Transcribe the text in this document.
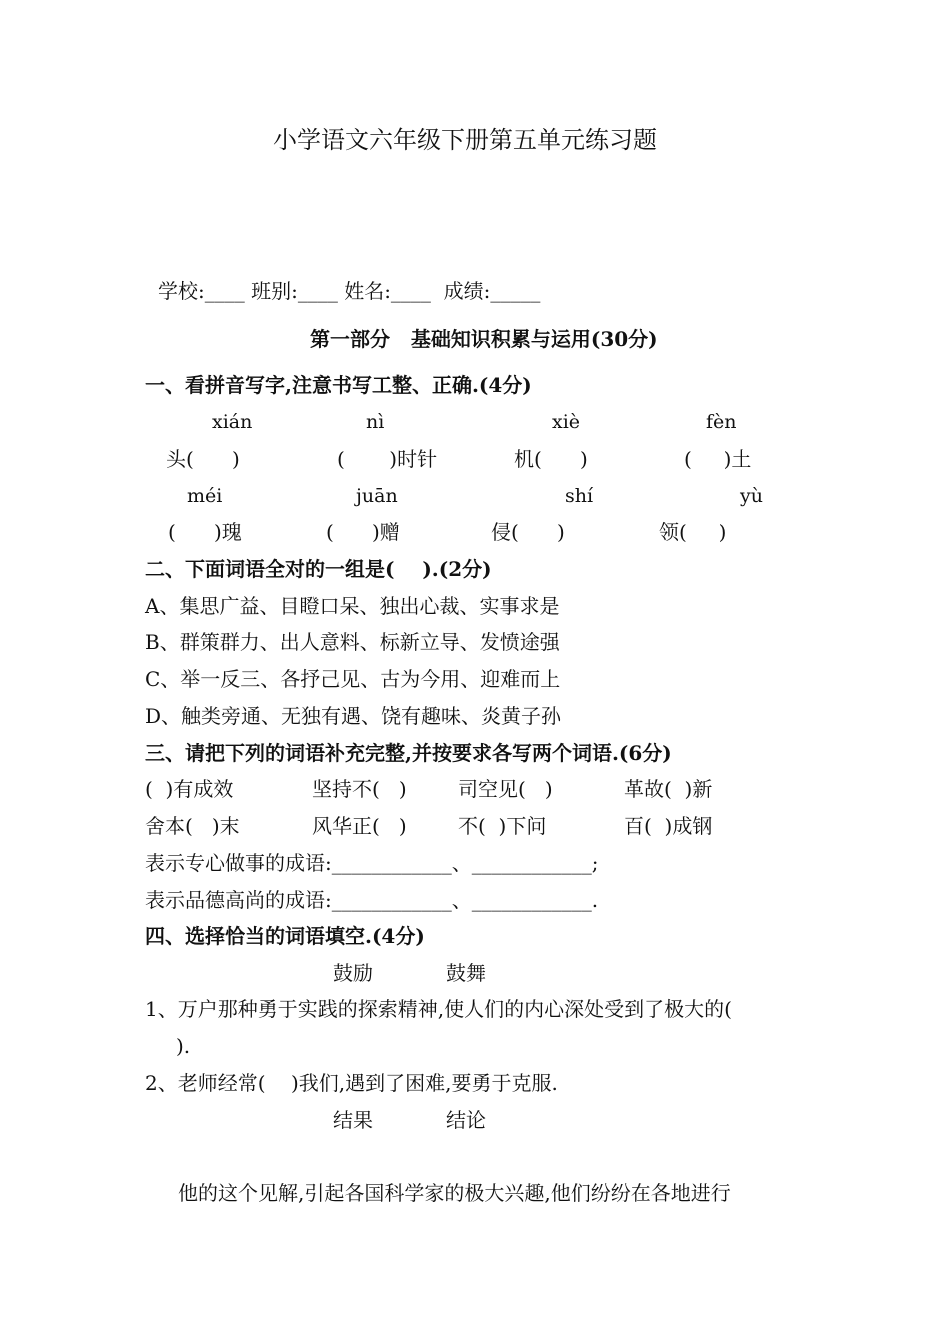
小学语文六年级下册第五单元练习题
学校:____ 班别:____ 姓名:____  成绩:_____
第一部分   基础知识积累与运用(30分)
一、看拼音写字,注意书写工整、正确.(4分)
xián	nì	xiè	fèn
头(      )	(       )时针	机(      )	(     )土
méi	juān	shí	yù
(      )瑰	(      )赠	侵(      )	领(     )
二、下面词语全对的一组是(    ).(2分)
A、集思广益、目瞪口呆、独出心裁、实事求是
B、群策群力、出人意料、标新立导、发愤途强
C、举一反三、各抒己见、古为今用、迎难而上
D、触类旁通、无独有遇、饶有趣味、炎黄子孙
三、请把下列的词语补充完整,并按要求各写两个词语.(6分)
(  )有成效	坚持不(   )	司空见(   )	革故(  )新
舍本(   )末	风华正(   )	不(  )下问	百(  )成钢
表示专心做事的成语:____________、____________;
表示品德高尚的成语:____________、____________.
四、选择恰当的词语填空.(4分)
鼓励	鼓舞
1、万户那种勇于实践的探索精神,使人们的内心深处受到了极大的(
).
2、老师经常(    )我们,遇到了困难,要勇于克服.
结果	结论
他的这个见解,引起各国科学家的极大兴趣,他们纷纷在各地进行
